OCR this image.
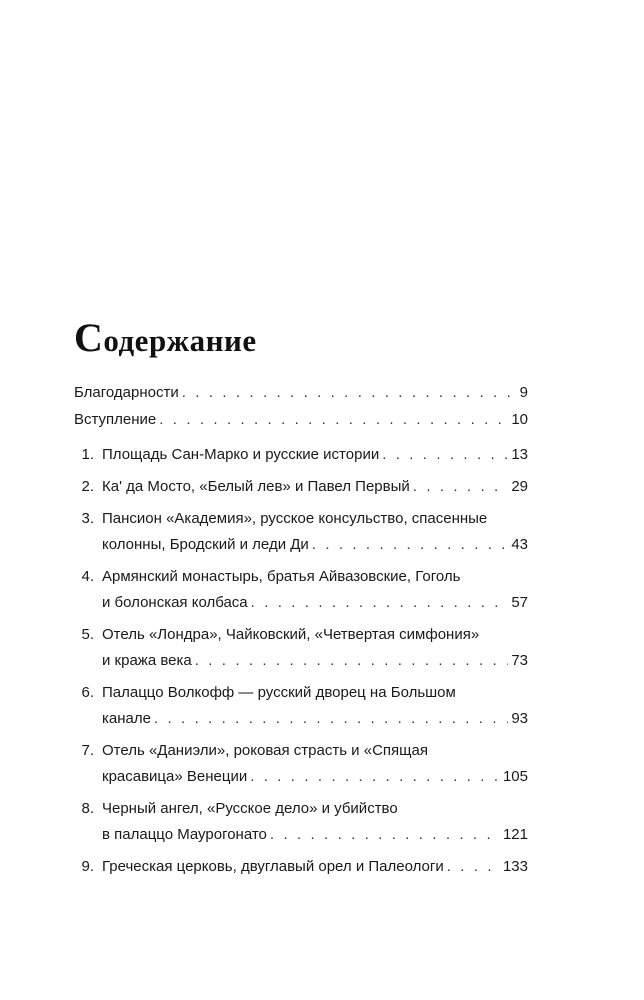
Содержание
Благодарности . . .	9
Вступление . . .	10
1. Площадь Сан-Марко и русские истории . . .	13
2. Ка' да Мосто, «Белый лев» и Павел Первый . . .	29
3. Пансион «Академия», русское консульство, спасенные
колонны, Бродский и леди Ди . . .	43
4. Армянский монастырь, братья Айвазовские, Гоголь
и болонская колбаса . . .	57
5. Отель «Лондра», Чайковский, «Четвертая симфония»
и кража века . . .	73
6. Палаццо Волкофф — русский дворец на Большом
канале . . .	93
7. Отель «Даниэли», роковая страсть и «Спящая
красавица» Венеции . . .	105
8. Черный ангел, «Русское дело» и убийство
в палаццо Маурогонато . . .	121
9. Греческая церковь, двуглавый орел и Палеологи . . .	133
